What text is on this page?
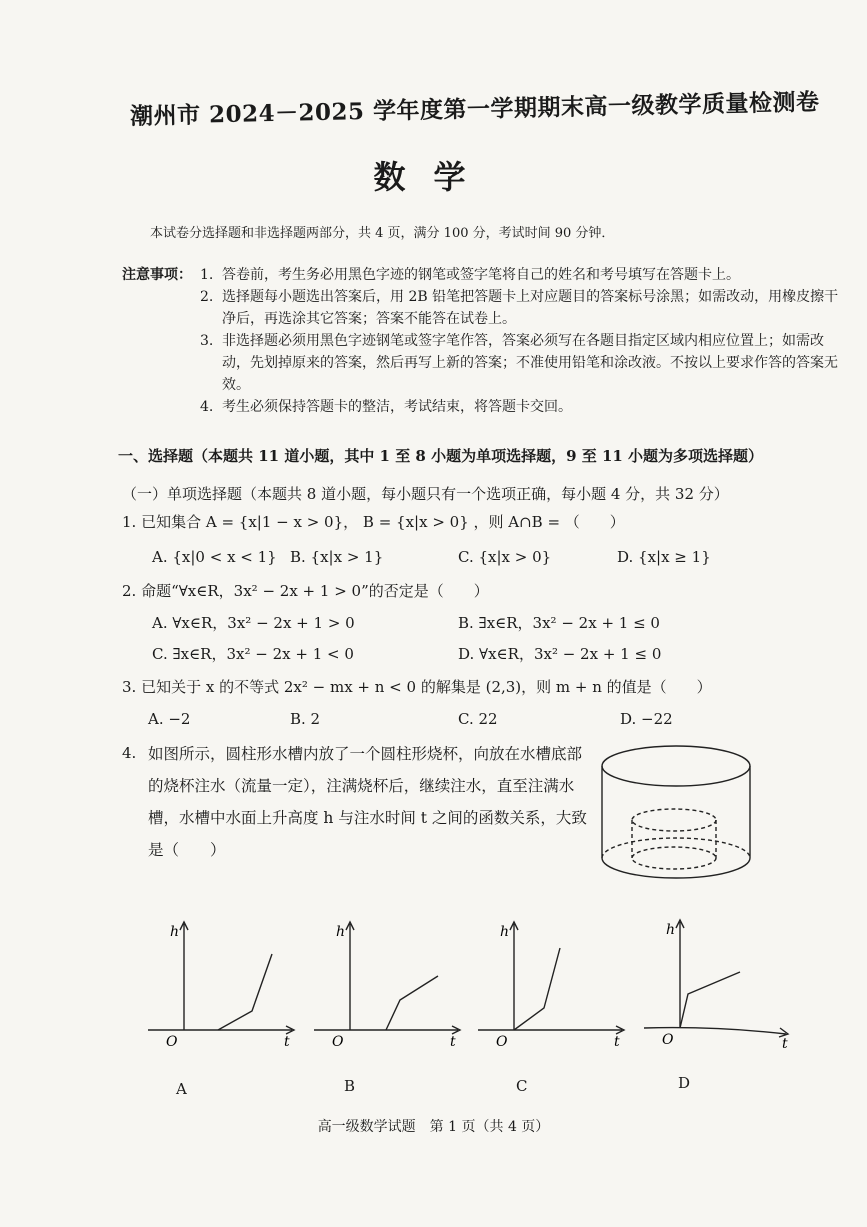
潮州市 2024－2025 学年度第一学期期末高一级教学质量检测卷
数学
本试卷分选择题和非选择题两部分，共 4 页，满分 100 分，考试时间 90 分钟．
注意事项： 1. 答卷前，考生务必用黑色字迹的钢笔或签字笔将自己的姓名和考号填写在答题卡上。
2. 选择题每小题选出答案后，用 2B 铅笔把答题卡上对应题目的答案标号涂黑；如需改动，用橡皮擦干净后，再选涂其它答案；答案不能答在试卷上。
3. 非选择题必须用黑色字迹钢笔或签字笔作答，答案必须写在各题目指定区域内相应位置上；如需改动，先划掉原来的答案，然后再写上新的答案；不准使用铅笔和涂改液。不按以上要求作答的答案无效。
4. 考生必须保持答题卡的整洁，考试结束，将答题卡交回。
一、选择题（本题共 11 道小题，其中 1 至 8 小题为单项选择题，9 至 11 小题为多项选择题）
（一）单项选择题（本题共 8 道小题，每小题只有一个选项正确，每小题 4 分，共 32 分）
1. 已知集合 A = {x|1 − x > 0}， B = {x|x > 0} ，则 A∩B = （　　）
A. {x|0 < x < 1} B. {x|x > 1}	C. {x|x > 0}	D. {x|x ≥ 1}
2. 命题“∀x∈R，3x² − 2x + 1 > 0”的否定是（　　）
A. ∀x∈R，3x² − 2x + 1 > 0	B. ∃x∈R，3x² − 2x + 1 ≤ 0
C. ∃x∈R，3x² − 2x + 1 < 0	D. ∀x∈R，3x² − 2x + 1 ≤ 0
3. 已知关于 x 的不等式 2x² − mx + n < 0 的解集是 (2,3)，则 m + n 的值是（　　）
A. −2	B. 2	C. 22	D. −22
4. 如图所示，圆柱形水槽内放了一个圆柱形烧杯，向放在水槽底部的烧杯注水（流量一定），注满烧杯后，继续注水，直至注满水槽，水槽中水面上升高度 h 与注水时间 t 之间的函数关系，大致是（　　）
h
O	t
A
h
O	t
B
h
O	t
C
h
O	t
D
高一级数学试题　第 1 页（共 4 页）
